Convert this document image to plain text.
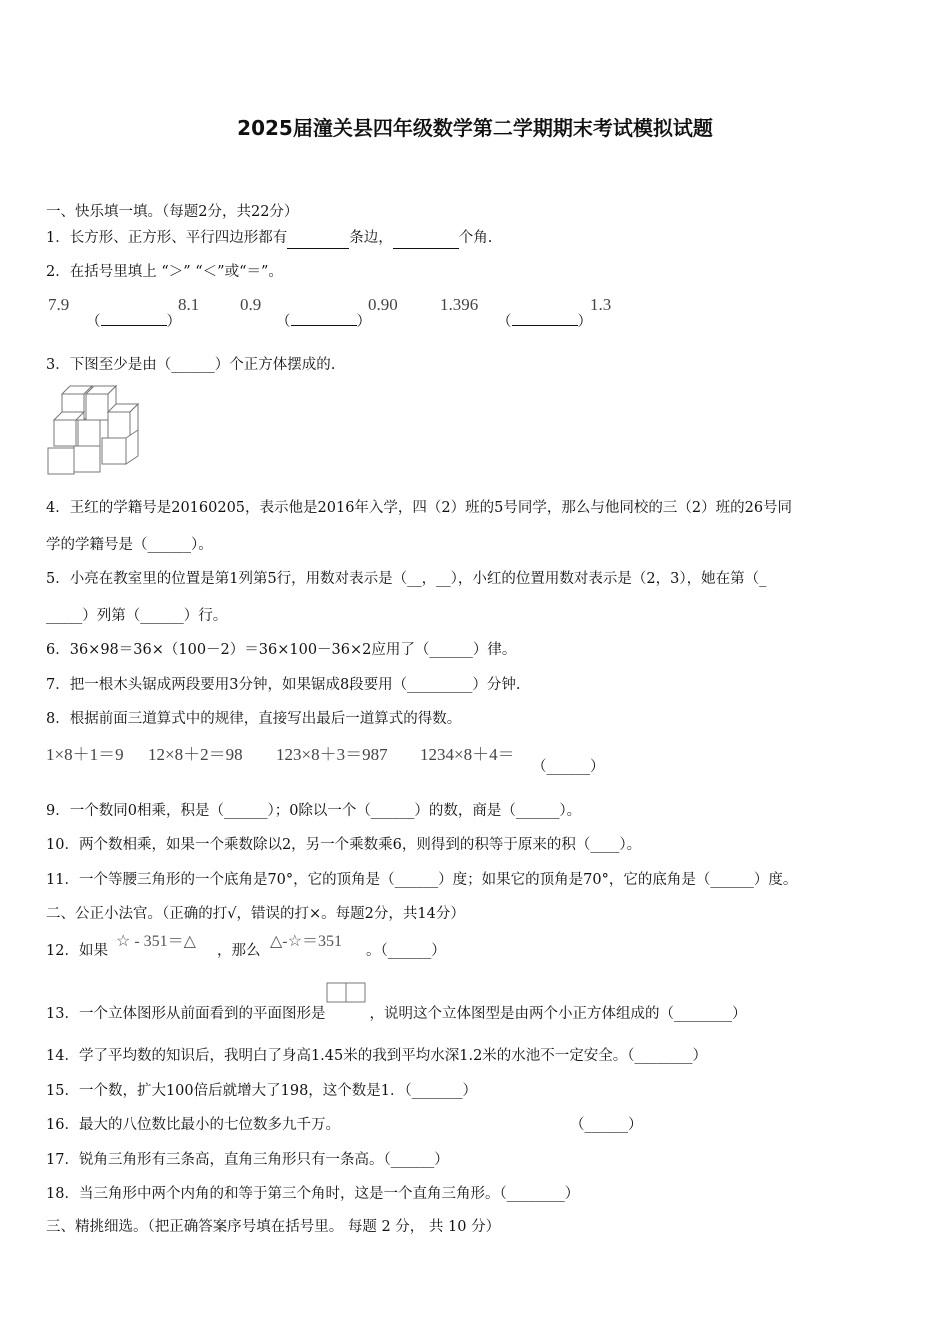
2025届潼关县四年级数学第二学期期末考试模拟试题
一、快乐填一填。（每题2分，共22分）
1．长方形、正方形、平行四边形都有	条边，	个角.
2．在括号里填上 “＞” “＜”或“＝”。
7.9
（	）
8.1 0.9
（	）
0.90 1.396
（	）
1.3
3．下图至少是由（______）个正方体摆成的.
4．王红的学籍号是20160205，表示他是2016年入学，四（2）班的5号同学，那么与他同校的三（2）班的26号同
学的学籍号是（______）。
5．小亮在教室里的位置是第1列第5行，用数对表示是（__，__），小红的位置用数对表示是（2，3），她在第（_
_____）列第（______）行。
6．36×98＝36×（100－2）＝36×100－36×2应用了（______）律。
7．把一根木头锯成两段要用3分钟，如果锯成8段要用（_________）分钟.
8．根据前面三道算式中的规律，直接写出最后一道算式的得数。
1×8＋1＝9 12×8＋2＝98 123×8＋3＝987 1234×8＋4＝
（______）
9．一个数同0相乘，积是（______）；0除以一个（______）的数，商是（______）。
10．两个数相乘，如果一个乘数除以2，另一个乘数乘6，则得到的积等于原来的积（____）。
11．一个等腰三角形的一个底角是70°，它的顶角是（______）度；如果它的顶角是70°，它的底角是（______）度。
二、公正小法官。（正确的打√，错误的打×。每题2分，共14分）
12．如果
☆ - 351＝△
，那么
△-☆＝351
。（______）
13．一个立体图形从前面看到的平面图形是	，说明这个立体图型是由两个小正方体组成的（________）
14．学了平均数的知识后，我明白了身高1.45米的我到平均水深1.2米的水池不一定安全。（________）
15．一个数，扩大100倍后就增大了198，这个数是1．（_______）
16．最大的八位数比最小的七位数多九千万。	（______）
17．锐角三角形有三条高，直角三角形只有一条高。（______）
18．当三角形中两个内角的和等于第三个角时，这是一个直角三角形。（________）
三、精挑细选。（把正确答案序号填在括号里。 每题 2 分， 共 10 分）
